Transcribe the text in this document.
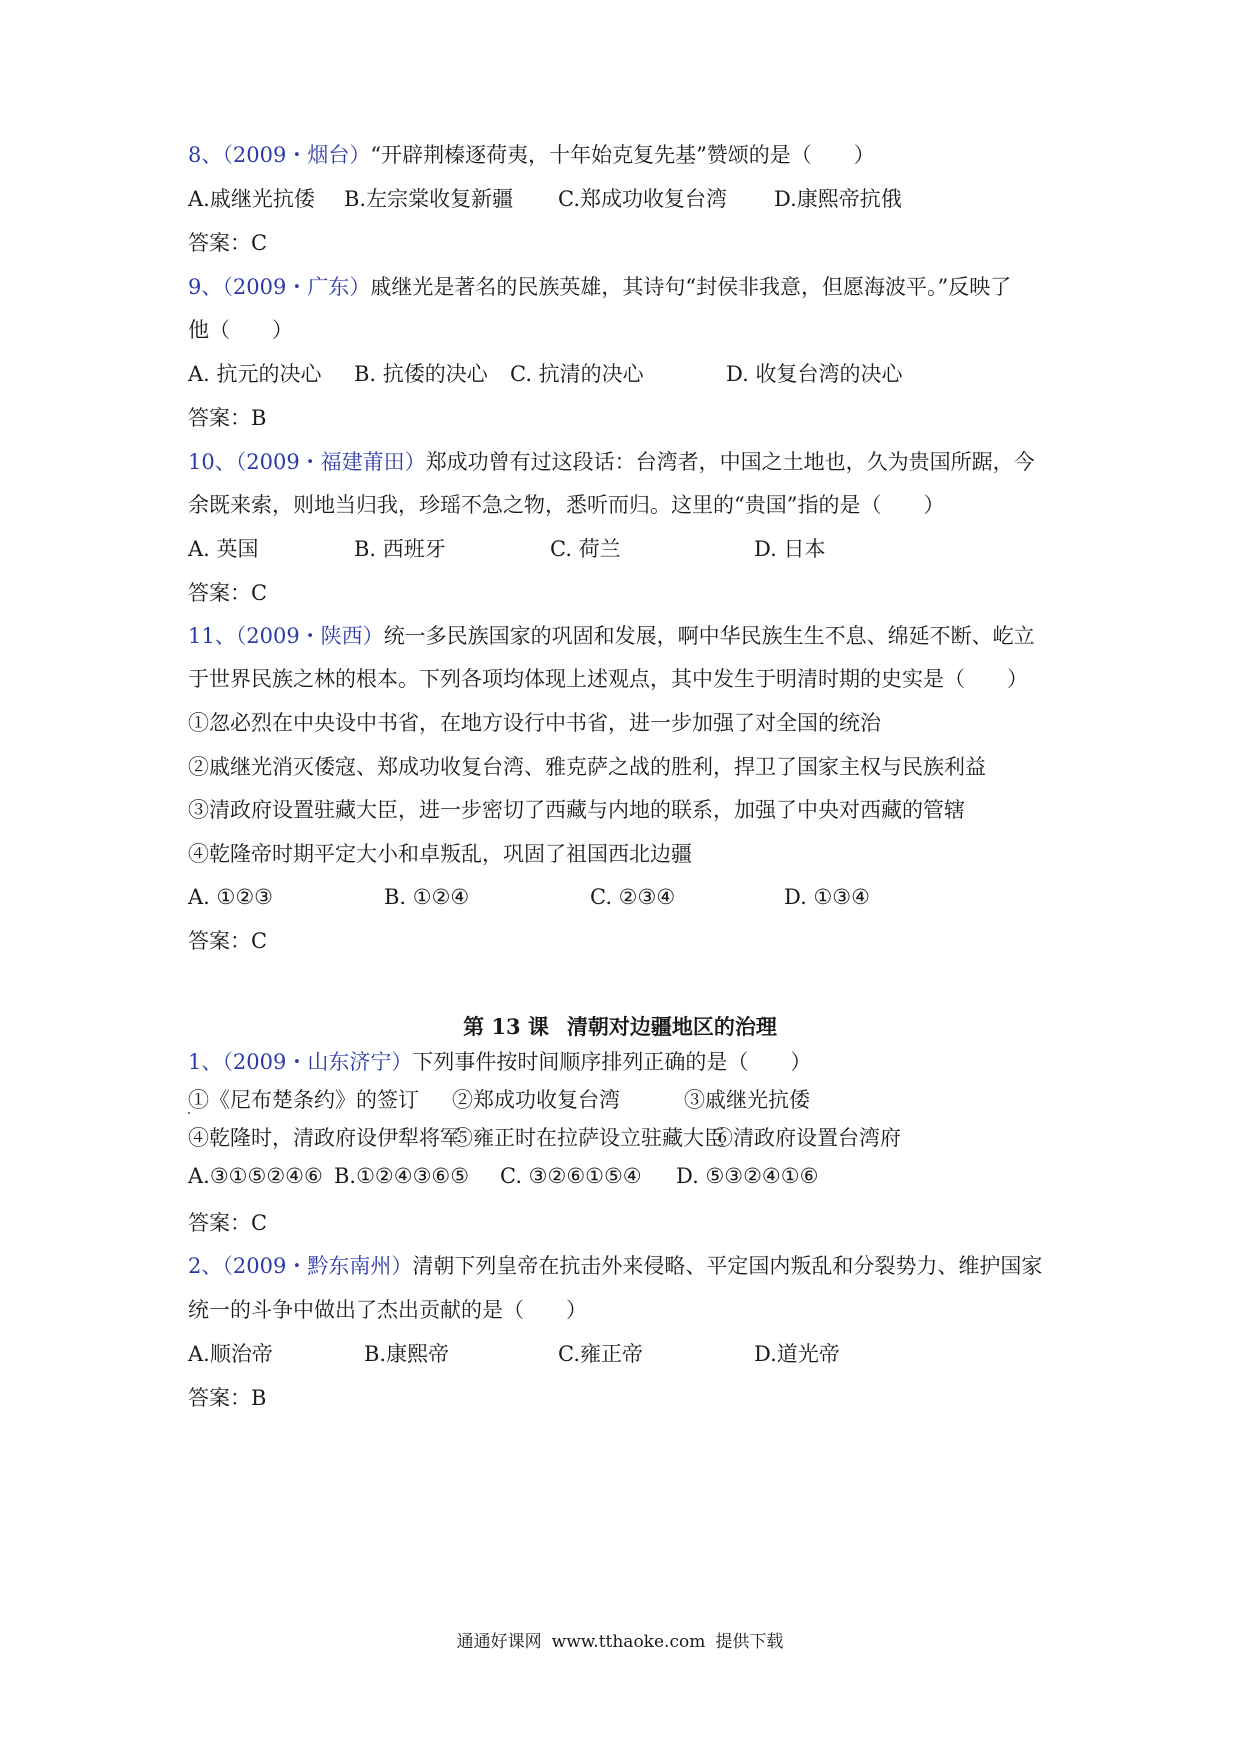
8、（2009・烟台）“开辟荆榛逐荷夷，十年始克复先基”赞颂的是（　　）
A.戚继光抗倭 B.左宗棠收复新疆 C.郑成功收复台湾 D.康熙帝抗俄
答案：C
9、（2009・广东）戚继光是著名的民族英雄，其诗句“封侯非我意，但愿海波平。”反映了
他（　　）
A. 抗元的决心 B. 抗倭的决心 C. 抗清的决心	D. 收复台湾的决心
答案：B
10、（2009・福建莆田）郑成功曾有过这段话：台湾者，中国之土地也，久为贵国所踞，今
余既来索，则地当归我，珍瑶不急之物，悉听而归。这里的“贵国”指的是（　　）
A. 英国	B. 西班牙	C. 荷兰	D. 日本
答案：C
11、（2009・陕西）统一多民族国家的巩固和发展，啊中华民族生生不息、绵延不断、屹立
于世界民族之林的根本。下列各项均体现上述观点，其中发生于明清时期的史实是（　　）
①忽必烈在中央设中书省，在地方设行中书省，进一步加强了对全国的统治
②戚继光消灭倭寇、郑成功收复台湾、雅克萨之战的胜利，捍卫了国家主权与民族利益
③清政府设置驻藏大臣，进一步密切了西藏与内地的联系，加强了中央对西藏的管辖
④乾隆帝时期平定大小和卓叛乱，巩固了祖国西北边疆
A. ①②③	B. ①②④	C. ②③④	D. ①③④
答案：C
第 13 课 清朝对边疆地区的治理
1、（2009・山东济宁）下列事件按时间顺序排列正确的是（　　）
①《尼布楚条约》的签订 ②郑成功收复台湾	③戚继光抗倭
④乾隆时，清政府设伊犁将军
⑤雍正时在拉萨设立驻藏大臣
⑥清政府设置台湾府
A.③①⑤②④⑥ B.①②④③⑥⑤ C. ③②⑥①⑤④ D. ⑤③②④①⑥
答案：C
2、（2009・黔东南州）清朝下列皇帝在抗击外来侵略、平定国内叛乱和分裂势力、维护国家
统一的斗争中做出了杰出贡献的是（　　）
A.顺治帝	B.康熙帝	C.雍正帝	D.道光帝
答案：B
通通好课网 www.tthaoke.com 提供下载
